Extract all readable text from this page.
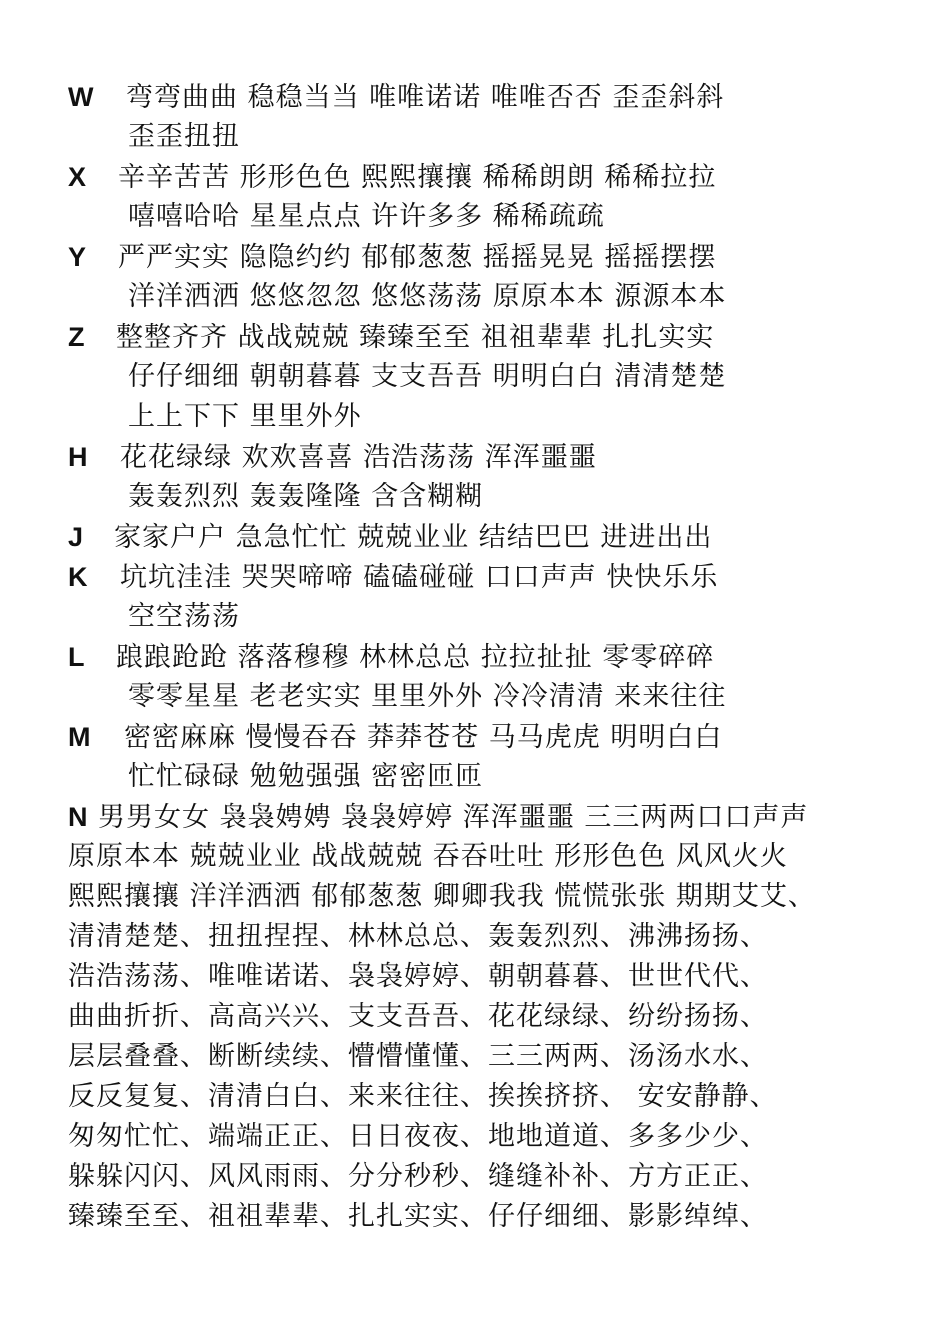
W 弯弯曲曲 稳稳当当 唯唯诺诺 唯唯否否 歪歪斜斜
歪歪扭扭
X 辛辛苦苦 形形色色 熙熙攘攘 稀稀朗朗 稀稀拉拉
嘻嘻哈哈 星星点点 许许多多 稀稀疏疏
Y 严严实实 隐隐约约 郁郁葱葱 摇摇晃晃 摇摇摆摆
洋洋洒洒 悠悠忽忽 悠悠荡荡 原原本本 源源本本
Z 整整齐齐 战战兢兢 臻臻至至 祖祖辈辈 扎扎实实
仔仔细细 朝朝暮暮 支支吾吾 明明白白 清清楚楚
上上下下 里里外外
H 花花绿绿 欢欢喜喜 浩浩荡荡 浑浑噩噩
轰轰烈烈 轰轰隆隆 含含糊糊
J 家家户户 急急忙忙 兢兢业业 结结巴巴 进进出出
K 坑坑洼洼 哭哭啼啼 磕磕碰碰 口口声声 快快乐乐
空空荡荡
L 踉踉跄跄 落落穆穆 林林总总 拉拉扯扯 零零碎碎
零零星星 老老实实 里里外外 冷冷清清 来来往往
M 密密麻麻 慢慢吞吞 莽莽苍苍 马马虎虎 明明白白
忙忙碌碌 勉勉强强 密密匝匝
N 男男女女 袅袅娉娉 袅袅婷婷 浑浑噩噩 三三两两口口声声
原原本本 兢兢业业 战战兢兢 吞吞吐吐 形形色色 风风火火
熙熙攘攘 洋洋洒洒 郁郁葱葱 卿卿我我 慌慌张张 期期艾艾、
清清楚楚、扭扭捏捏、林林总总、轰轰烈烈、沸沸扬扬、
浩浩荡荡、唯唯诺诺、袅袅婷婷、朝朝暮暮、世世代代、
曲曲折折、高高兴兴、支支吾吾、花花绿绿、纷纷扬扬、
层层叠叠、断断续续、懵懵懂懂、三三两两、汤汤水水、
反反复复、清清白白、来来往往、挨挨挤挤、 安安静静、
匆匆忙忙、端端正正、日日夜夜、地地道道、多多少少、
躲躲闪闪、风风雨雨、分分秒秒、缝缝补补、方方正正、
臻臻至至、祖祖辈辈、扎扎实实、仔仔细细、影影绰绰、
